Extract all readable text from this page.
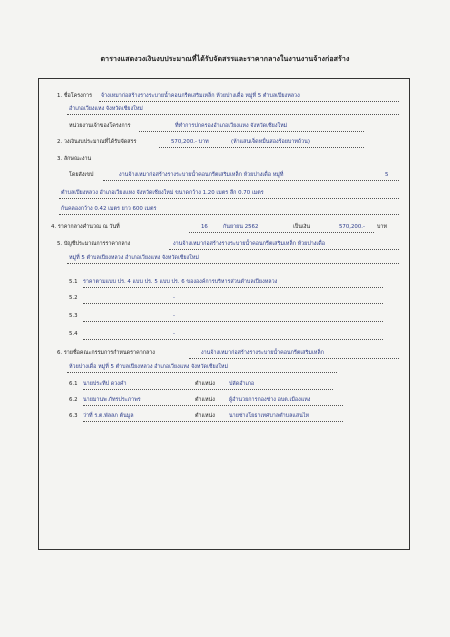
ตารางแสดงวงเงินงบประมาณที่ได้รับจัดสรรและราคากลางในงานงานจ้างก่อสร้าง
1. ชื่อโครงการ จ้างเหมาก่อสร้างรางระบายน้ำคอนกรีตเสริมเหล็ก ห้วยปางเดื่อ หมู่ที่ 5 ตำบลเปียงหลวง
อำเภอเวียงแหง จังหวัดเชียงใหม่
หน่วยงานเจ้าของโครงการ	ที่ทำการปกครองอำเภอเวียงแหง จังหวัดเชียงใหม่
2. วงเงินงบประมาณที่ได้รับจัดสรร	570,200.- บาท	(ห้าแสนเจ็ดหมื่นสองร้อยบาทถ้วน)
3. ลักษณะงาน
โดยสังเขป	งานจ้างเหมาก่อสร้างรางระบายน้ำคอนกรีตเสริมเหล็ก ห้วยปางเดื่อ หมู่ที่	5
ตำบลเปียงหลวง อำเภอเวียงแหง จังหวัดเชียงใหม่ ขนาดกว้าง 1.20 เมตร ลึก 0.70 เมตร
ก้นคลองกว้าง 0.42 เมตร ยาว 600 เมตร
4. ราคากลางคำนวณ ณ วันที่	16	กันยายน 2562	เป็นเงิน	570,200.- บาท
5. บัญชีประมาณการราคากลาง	งานจ้างเหมาก่อสร้างรางระบายน้ำคอนกรีตเสริมเหล็ก ห้วยปางเดื่อ
หมู่ที่ 5 ตำบลเปียงหลวง อำเภอเวียงแหง จังหวัดเชียงใหม่
5.1 ราคาตามแบบ ปร. 4 แบบ ปร. 5 แบบ ปร. 6 ขององค์การบริหารส่วนตำบลเปียงหลวง
5.2	-
5.3	-
5.4	-
6. รายชื่อคณะกรรมการกำหนดราคากลาง	งานจ้างเหมาก่อสร้างรางระบายน้ำคอนกรีตเสริมเหล็ก
ห้วยปางเดื่อ หมู่ที่ 5 ตำบลเปียงหลวง อำเภอเวียงแหง จังหวัดเชียงใหม่
6.1 นายประทีป ดวงคำ	ตำแหน่ง	ปลัดอำเภอ
6.2 นายมานพ ภัทรประภาพร	ตำแหน่ง	ผู้อำนวยการกองช่าง อบต.เมืองแหง
6.3 ว่าที่ ร.ต.พัลลภ ต้นมูล	ตำแหน่ง	นายช่างโยธาเทศบาลตำบลแสนไห
